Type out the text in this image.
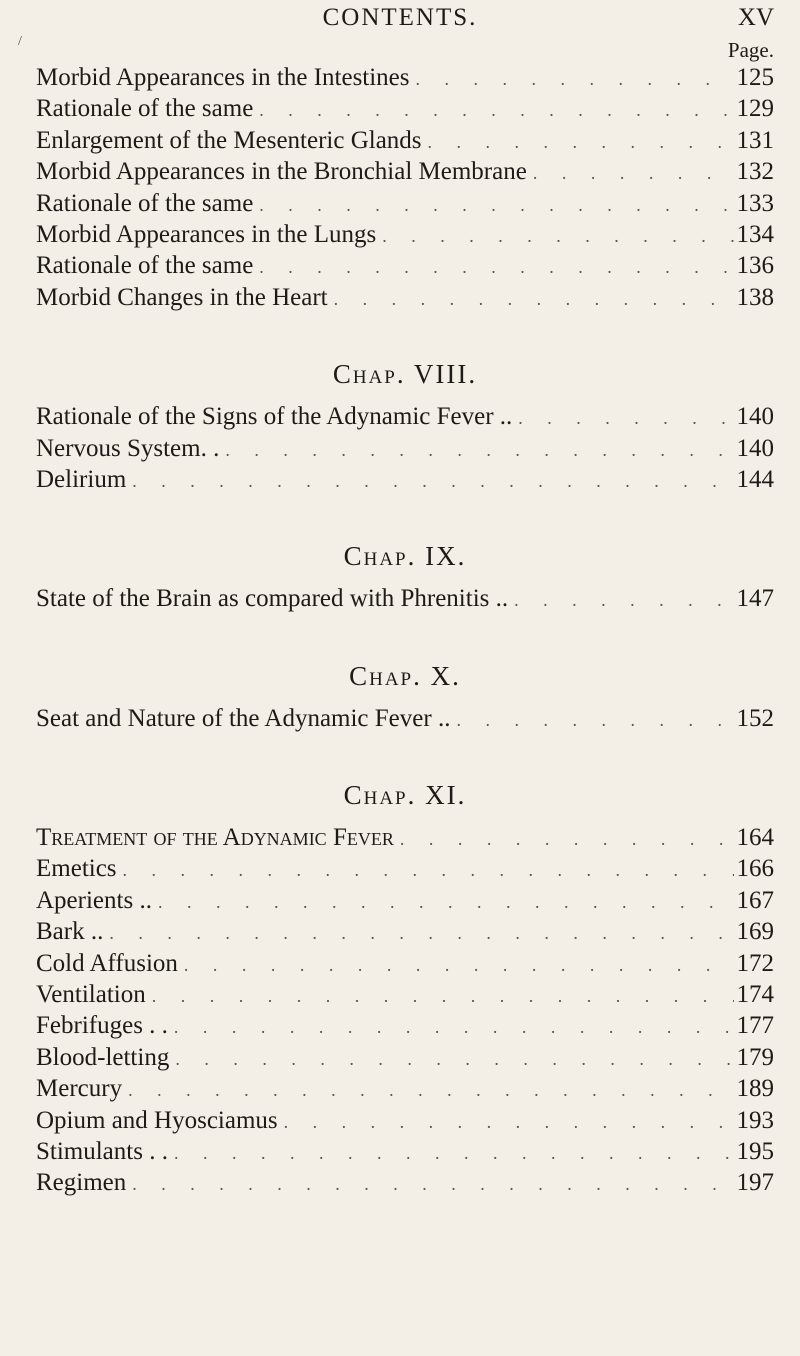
CONTENTS.	XV
/	Page.
Morbid Appearances in the Intestines . . .	125
Rationale of the same . . .	129
Enlargement of the Mesenteric Glands . . .	131
Morbid Appearances in the Bronchial Membrane . . .	132
Rationale of the same . . .	133
Morbid Appearances in the Lungs . . .	134
Rationale of the same . . .	136
Morbid Changes in the Heart . . .	138
Chap. VIII.
Rationale of the Signs of the Adynamic Fever .. . . .	140
Nervous System. . . . .	140
Delirium . . .	144
Chap. IX.
State of the Brain as compared with Phrenitis .. . . .	147
Chap. X.
Seat and Nature of the Adynamic Fever .. . . .	152
Chap. XI.
Treatment of the Adynamic Fever . . .	164
Emetics . . .	166
Aperients .. . . .	167
Bark .. . . .	169
Cold Affusion . . .	172
Ventilation . . .	174
Febrifuges . . . . .	177
Blood-letting . . .	179
Mercury . . .	189
Opium and Hyosciamus . . .	193
Stimulants . . . . .	195
Regimen . . .	197
